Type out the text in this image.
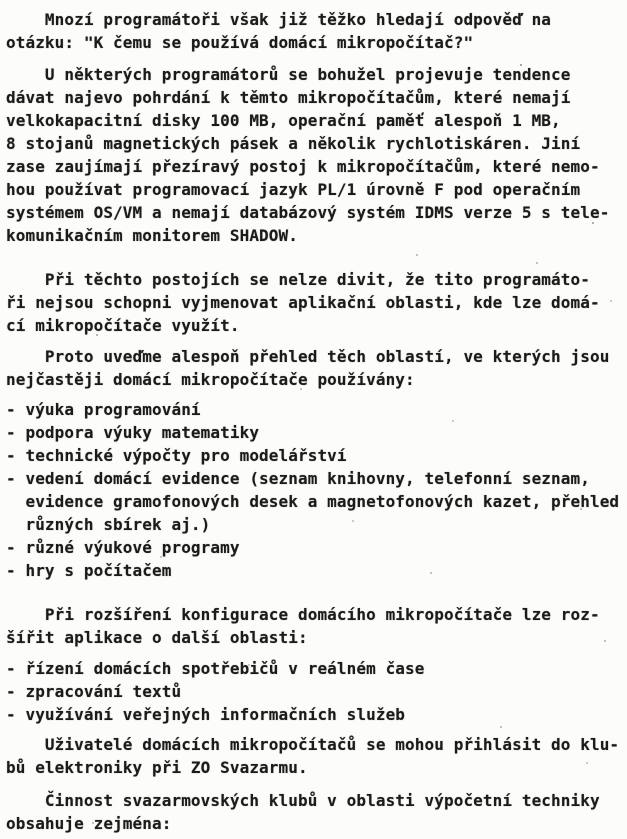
Mnozí programátoři však již těžko hledají odpověď na
otázku: "K čemu se používá domácí mikropočítač?"
U některých programátorů se bohužel projevuje tendence
dávat najevo pohrdání k těmto mikropočítačům, které nemají
velkokapacitní disky 100 MB, operační paměť alespoň 1 MB,
8 stojanů magnetických pásek a několik rychlotiskáren. Jiní
zase zaujímají přezíravý postoj k mikropočítačům, které nemo-
hou používat programovací jazyk PL/1 úrovně F pod operačním
systémem OS/VM a nemají databázový systém IDMS verze 5 s tele-
komunikačním monitorem SHADOW.
Při těchto postojích se nelze divit, že tito programáto-
ři nejsou schopni vyjmenovat aplikační oblasti, kde lze domá-
cí mikropočítače využít.
Proto uveďme alespoň přehled těch oblastí, ve kterých jsou
nejčastěji domácí mikropočítače používány:
- výuka programování
- podpora výuky matematiky
- technické výpočty pro modelářství
- vedení domácí evidence (seznam knihovny, telefonní seznam,
evidence gramofonových desek a magnetofonových kazet, přehled
různých sbírek aj.)
- různé výukové programy
- hry s počítačem
Při rozšíření konfigurace domácího mikropočítače lze roz-
šířit aplikace o další oblasti:
- řízení domácích spotřebičů v reálném čase
- zpracování textů
- využívání veřejných informačních služeb
Uživatelé domácích mikropočítačů se mohou přihlásit do klu-
bů elektroniky při ZO Svazarmu.
Činnost svazarmovských klubů v oblasti výpočetní techniky
obsahuje zejména:
